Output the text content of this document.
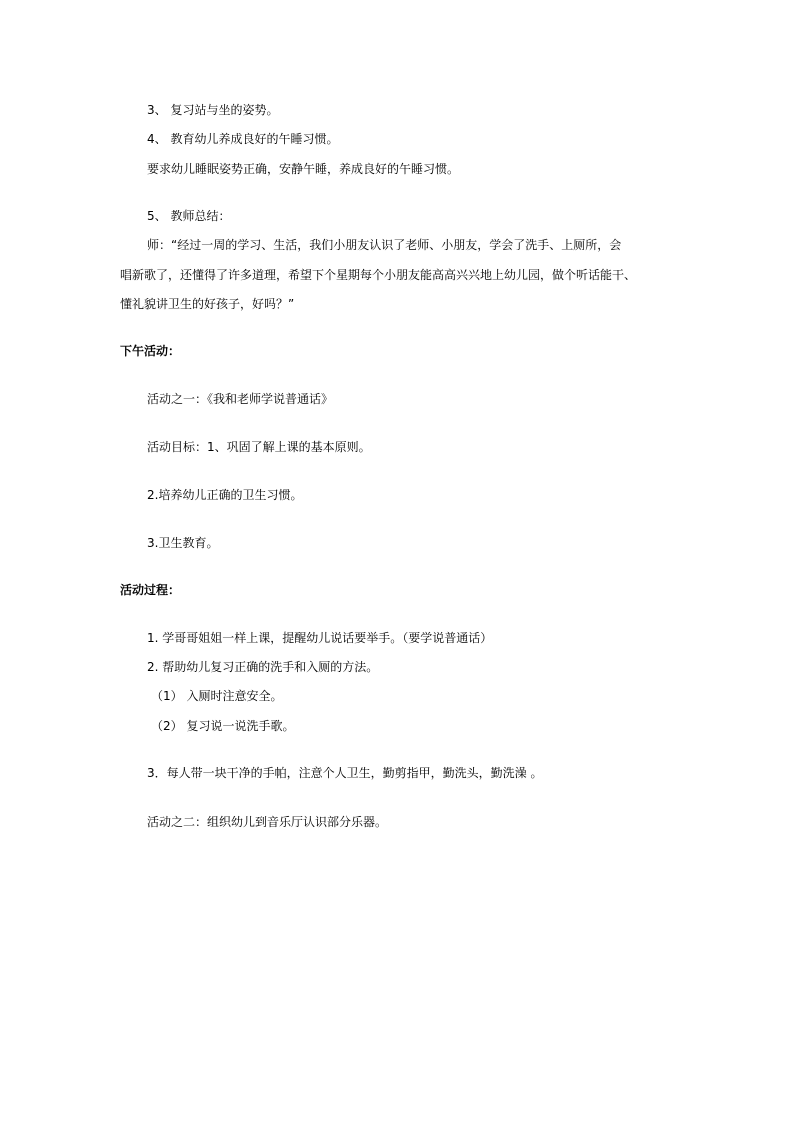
3、 复习站与坐的姿势。
4、 教育幼儿养成良好的午睡习惯。
要求幼儿睡眠姿势正确，安静午睡，养成良好的午睡习惯。
5、 教师总结：
师：“经过一周的学习、生活，我们小朋友认识了老师、小朋友，学会了洗手、上厕所，会
唱新歌了，还懂得了许多道理，希望下个星期每个小朋友能高高兴兴地上幼儿园，做个听话能干、
懂礼貌讲卫生的好孩子，好吗？”
下午活动：
活动之一：《我和老师学说普通话》
活动目标：1、巩固了解上课的基本原则。
2.培养幼儿正确的卫生习惯。
3.卫生教育。
活动过程：
1. 学哥哥姐姐一样上课，提醒幼儿说话要举手。（要学说普通话）
2. 帮助幼儿复习正确的洗手和入厕的方法。
（1） 入厕时注意安全。
（2） 复习说一说洗手歌。
3．每人带一块干净的手帕，注意个人卫生，勤剪指甲，勤洗头，勤洗澡 。
活动之二：组织幼儿到音乐厅认识部分乐器。
